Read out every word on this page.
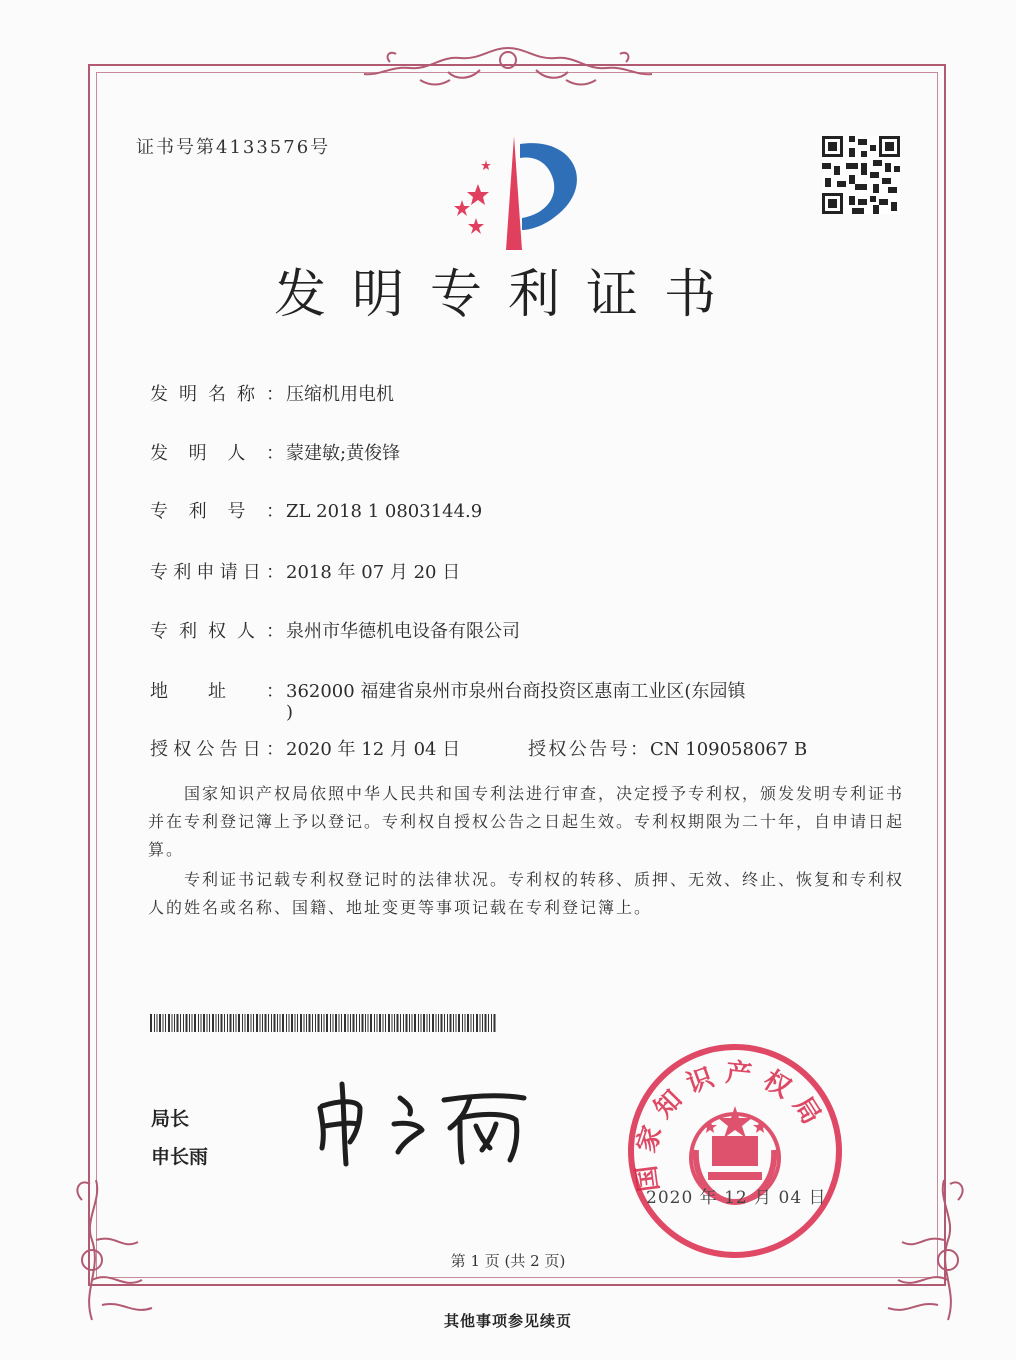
证书号第4133576号
发明专利证书
发明名称： 压缩机用电机
发明人： 蒙建敏;黄俊锋
专利号： ZL 2018 1 0803144.9
专利申请日： 2018 年 07 月 20 日
专利权人： 泉州市华德机电设备有限公司
地址： 362000 福建省泉州市泉州台商投资区惠南工业区(东园镇
)
授权公告日： 2020 年 12 月 04 日	授权公告号： CN 109058067 B
国家知识产权局依照中华人民共和国专利法进行审查，决定授予专利权，颁发发明专利证书并在专利登记簿上予以登记。专利权自授权公告之日起生效。专利权期限为二十年，自申请日起算。
专利证书记载专利权登记时的法律状况。专利权的转移、质押、无效、终止、恢复和专利权人的姓名或名称、国籍、地址变更等事项记载在专利登记簿上。
局长
申长雨	国家知识产权局
2020 年 12 月 04 日
第 1 页 (共 2 页)
其他事项参见续页
